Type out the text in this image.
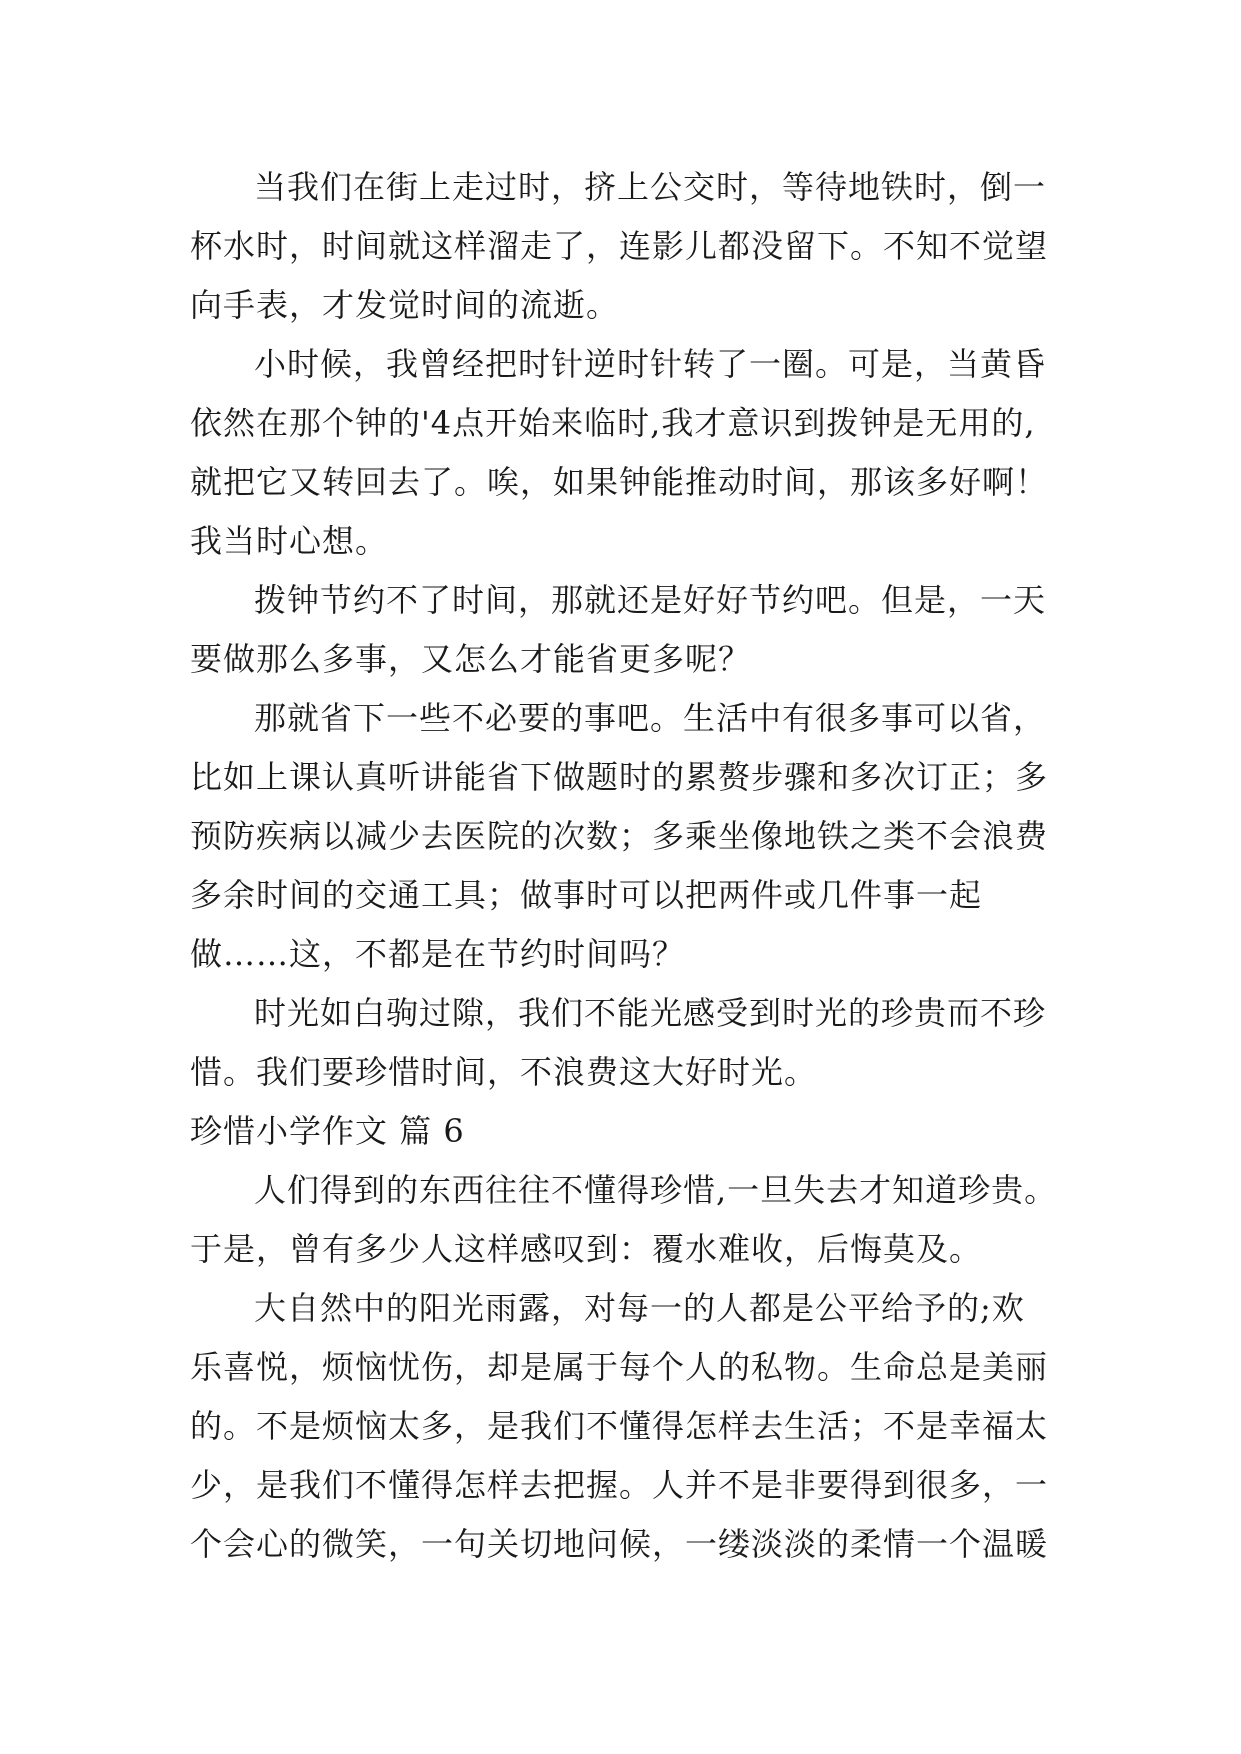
当我们在街上走过时，挤上公交时，等待地铁时，倒一
杯水时，时间就这样溜走了，连影儿都没留下。不知不觉望
向手表，才发觉时间的流逝。
小时候，我曾经把时针逆时针转了一圈。可是，当黄昏
依然在那个钟的'4点开始来临时,我才意识到拨钟是无用的,
就把它又转回去了。唉，如果钟能推动时间，那该多好啊！
我当时心想。
拨钟节约不了时间，那就还是好好节约吧。但是，一天
要做那么多事，又怎么才能省更多呢？
那就省下一些不必要的事吧。生活中有很多事可以省，
比如上课认真听讲能省下做题时的累赘步骤和多次订正；多
预防疾病以减少去医院的次数；多乘坐像地铁之类不会浪费
多余时间的交通工具；做事时可以把两件或几件事一起
做……这，不都是在节约时间吗？
时光如白驹过隙，我们不能光感受到时光的珍贵而不珍
惜。我们要珍惜时间，不浪费这大好时光。
珍惜小学作文 篇 6
人们得到的东西往往不懂得珍惜,一旦失去才知道珍贵。
于是，曾有多少人这样感叹到：覆水难收，后悔莫及。
大自然中的阳光雨露，对每一的人都是公平给予的;欢
乐喜悦，烦恼忧伤，却是属于每个人的私物。生命总是美丽
的。不是烦恼太多，是我们不懂得怎样去生活；不是幸福太
少，是我们不懂得怎样去把握。人并不是非要得到很多，一
个会心的微笑，一句关切地问候，一缕淡淡的柔情一个温暖
